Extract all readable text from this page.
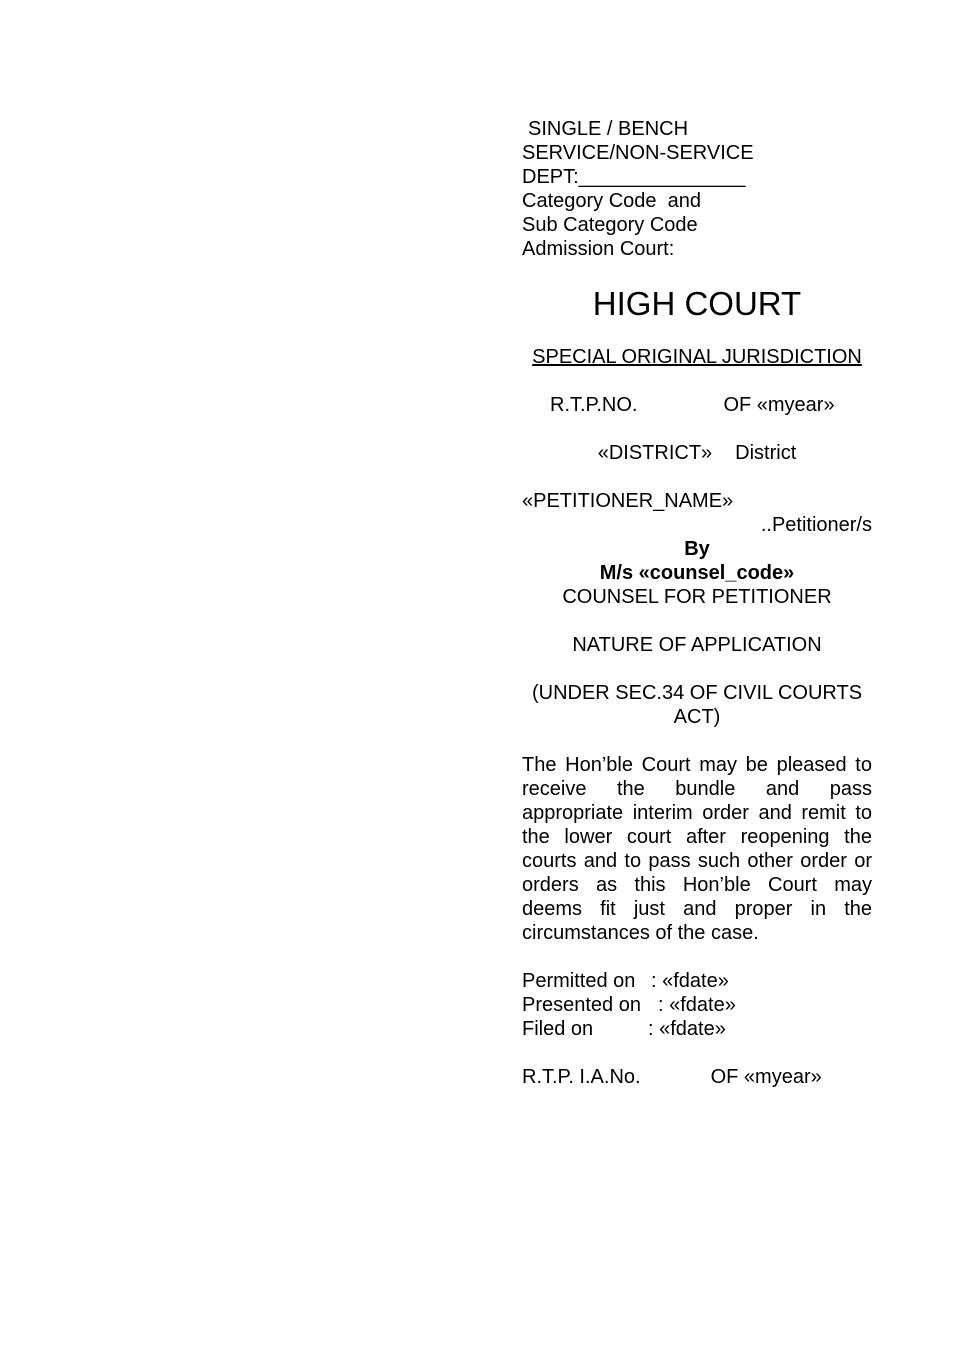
SINGLE / BENCH
SERVICE/NON-SERVICE
DEPT:_______________
Category Code  and
Sub Category Code
Admission Court:
HIGH COURT
SPECIAL ORIGINAL JURISDICTION
R.T.P.NO.	OF «myear»
«DISTRICT» District
«PETITIONER_NAME»
..Petitioner/s
By
M/s «counsel_code»
COUNSEL FOR PETITIONER
NATURE OF APPLICATION
(UNDER SEC.34 OF CIVIL COURTS ACT)
The Hon’ble Court may be pleased to receive the bundle and pass appropriate interim order and remit to the lower court after reopening the courts and to pass such other order or orders as this Hon’ble Court may deems fit just and proper in the circumstances of the case.
Permitted on : «fdate»
Presented on : «fdate»
Filed on	: «fdate»
R.T.P. I.A.No.	OF «myear»
